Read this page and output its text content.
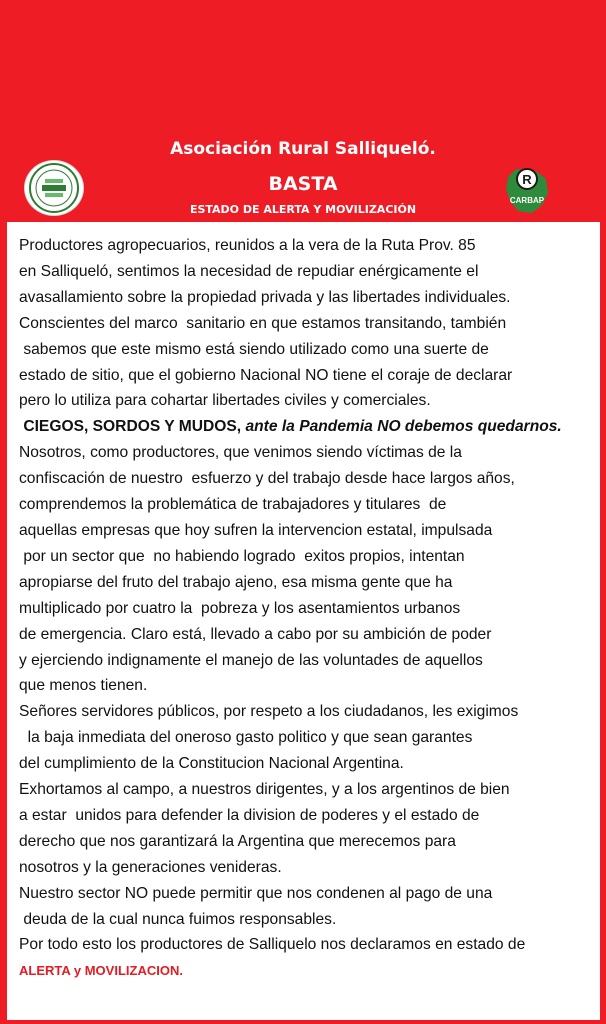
Asociación Rural Salliqueló.
BASTA
ESTADO DE ALERTA Y MOVILIZACIÓN
R
CARBAP
Productores agropecuarios, reunidos a la vera de la Ruta Prov. 85
en Salliqueló, sentimos la necesidad de repudiar enérgicamente el
avasallamiento sobre la propiedad privada y las libertades individuales.
Conscientes del marco  sanitario en que estamos transitando, también
sabemos que este mismo está siendo utilizado como una suerte de
estado de sitio, que el gobierno Nacional NO tiene el coraje de declarar
pero lo utiliza para cohartar libertades civiles y comerciales.
CIEGOS, SORDOS Y MUDOS, ante la Pandemia NO debemos quedarnos.
Nosotros, como productores, que venimos siendo víctimas de la
confiscación de nuestro  esfuerzo y del trabajo desde hace largos años,
comprendemos la problemática de trabajadores y titulares  de
aquellas empresas que hoy sufren la intervencion estatal, impulsada
por un sector que  no habiendo logrado  exitos propios, intentan
apropiarse del fruto del trabajo ajeno, esa misma gente que ha
multiplicado por cuatro la  pobreza y los asentamientos urbanos
de emergencia. Claro está, llevado a cabo por su ambición de poder
y ejerciendo indignamente el manejo de las voluntades de aquellos
que menos tienen.
Señores servidores públicos, por respeto a los ciudadanos, les exigimos
la baja inmediata del oneroso gasto politico y que sean garantes
del cumplimiento de la Constitucion Nacional Argentina.
Exhortamos al campo, a nuestros dirigentes, y a los argentinos de bien
a estar  unidos para defender la division de poderes y el estado de
derecho que nos garantizará la Argentina que merecemos para
nosotros y la generaciones venideras.
Nuestro sector NO puede permitir que nos condenen al pago de una
deuda de la cual nunca fuimos responsables.
Por todo esto los productores de Salliquelo nos declaramos en estado de
ALERTA y MOVILIZACION.
